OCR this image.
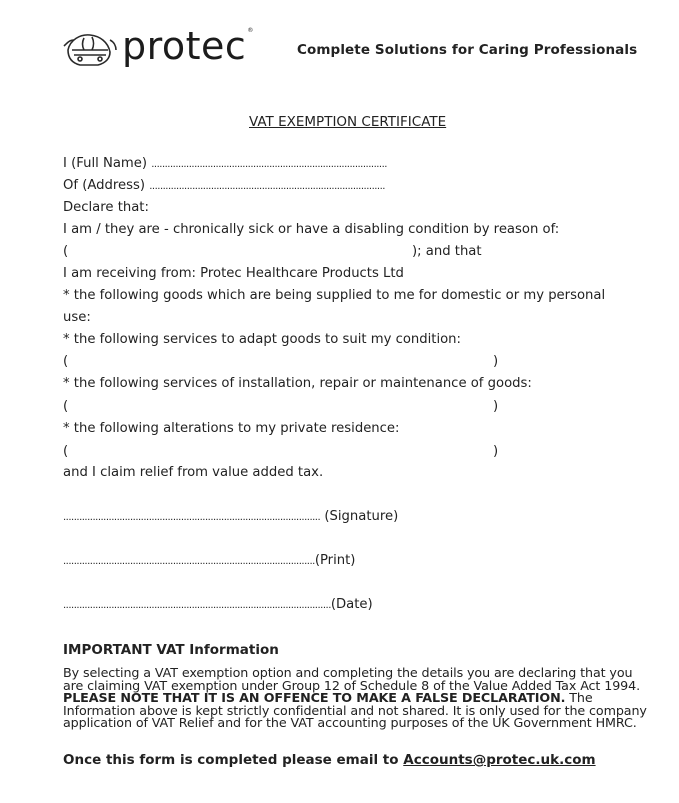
protec ®
Complete Solutions for Caring Professionals
VAT EXEMPTION CERTIFICATE
I (Full Name) ........................................................................................
Of (Address) ........................................................................................
Declare that:
I am / they are - chronically sick or have a disabling condition by reason of:
(	); and that
I am receiving from: Protec Healthcare Products Ltd
* the following goods which are being supplied to me for domestic or my personal
use:
* the following services to adapt goods to suit my condition:
(	)
* the following services of installation, repair or maintenance of goods:
(	)
* the following alterations to my private residence:
(	)
and I claim relief from value added tax.
................................................................................................ (Signature)
..............................................................................................(Print)
....................................................................................................(Date)
IMPORTANT VAT Information
By selecting a VAT exemption option and completing the details you are declaring that you are claiming VAT exemption under Group 12 of Schedule 8 of the Value Added Tax Act 1994. PLEASE NOTE THAT IT IS AN OFFENCE TO MAKE A FALSE DECLARATION. The Information above is kept strictly confidential and not shared. It is only used for the company application of VAT Relief and for the VAT accounting purposes of the UK Government HMRC.
Once this form is completed please email to Accounts@protec.uk.com
